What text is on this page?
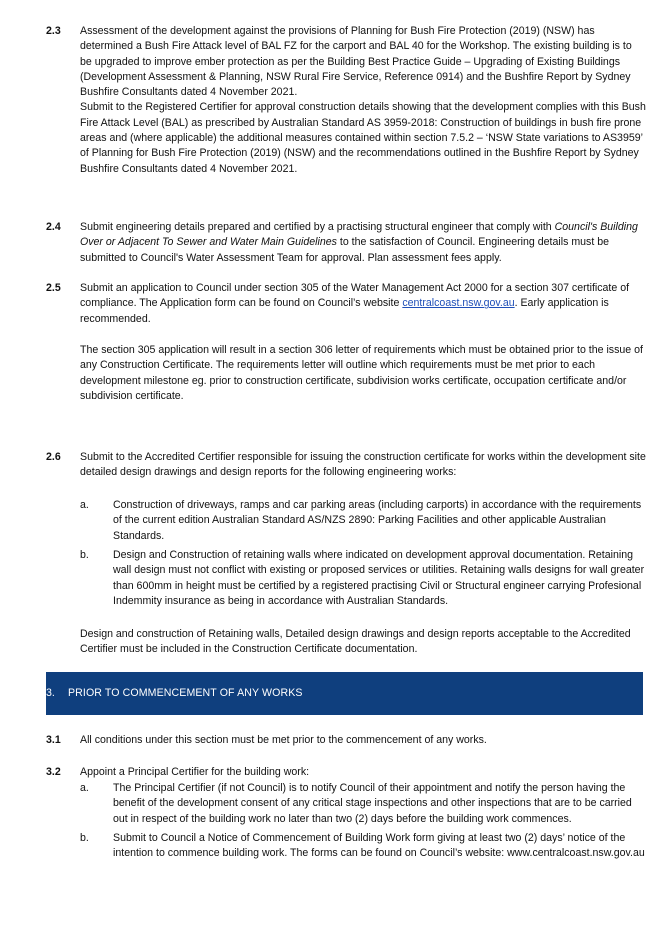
2.3 Assessment of the development against the provisions of Planning for Bush Fire Protection (2019) (NSW) has determined a Bush Fire Attack level of BAL FZ for the carport and BAL 40 for the Workshop. The existing building is to be upgraded to improve ember protection as per the Building Best Practice Guide – Upgrading of Existing Buildings (Development Assessment & Planning, NSW Rural Fire Service, Reference 0914) and the Bushfire Report by Sydney Bushfire Consultants dated 4 November 2021.

Submit to the Registered Certifier for approval construction details showing that the development complies with this Bush Fire Attack Level (BAL) as prescribed by Australian Standard AS 3959-2018: Construction of buildings in bush fire prone areas and (where applicable) the additional measures contained within section 7.5.2 – ‘NSW State variations to AS3959’ of Planning for Bush Fire Protection (2019) (NSW) and the recommendations outlined in the Bushfire Report by Sydney Bushfire Consultants dated 4 November 2021.

2.4 Submit engineering details prepared and certified by a practising structural engineer that comply with Council's Building Over or Adjacent To Sewer and Water Main Guidelines to the satisfaction of Council. Engineering details must be submitted to Council's Water Assessment Team for approval. Plan assessment fees apply.

2.5 Submit an application to Council under section 305 of the Water Management Act 2000 for a section 307 certificate of compliance. The Application form can be found on Council’s website centralcoast.nsw.gov.au. Early application is recommended.

The section 305 application will result in a section 306 letter of requirements which must be obtained prior to the issue of any Construction Certificate. The requirements letter will outline which requirements must be met prior to each development milestone eg. prior to construction certificate, subdivision works certificate, occupation certificate and/or subdivision certificate.

2.6 Submit to the Accredited Certifier responsible for issuing the construction certificate for works within the development site detailed design drawings and design reports for the following engineering works:

a. Construction of driveways, ramps and car parking areas (including carports) in accordance with the requirements of the current edition Australian Standard AS/NZS 2890: Parking Facilities and other applicable Australian Standards.
b. Design and Construction of retaining walls where indicated on development approval documentation. Retaining wall design must not conflict with existing or proposed services or utilities. Retaining walls designs for wall greater than 600mm in height must be certified by a registered practising Civil or Structural engineer carrying Profesional Indemmity insurance as being in accordance with Australian Standards.

Design and construction of Retaining walls, Detailed design drawings and design reports acceptable to the Accredited Certifier must be included in the Construction Certificate documentation.

3. PRIOR TO COMMENCEMENT OF ANY WORKS
3.1 All conditions under this section must be met prior to the commencement of any works.

3.2 Appoint a Principal Certifier for the building work:

a. The Principal Certifier (if not Council) is to notify Council of their appointment and notify the person having the benefit of the development consent of any critical stage inspections and other inspections that are to be carried out in respect of the building work no later than two (2) days before the building work commences.
b. Submit to Council a Notice of Commencement of Building Work form giving at least two (2) days’ notice of the intention to commence building work. The forms can be found on Council’s website: www.centralcoast.nsw.gov.au
